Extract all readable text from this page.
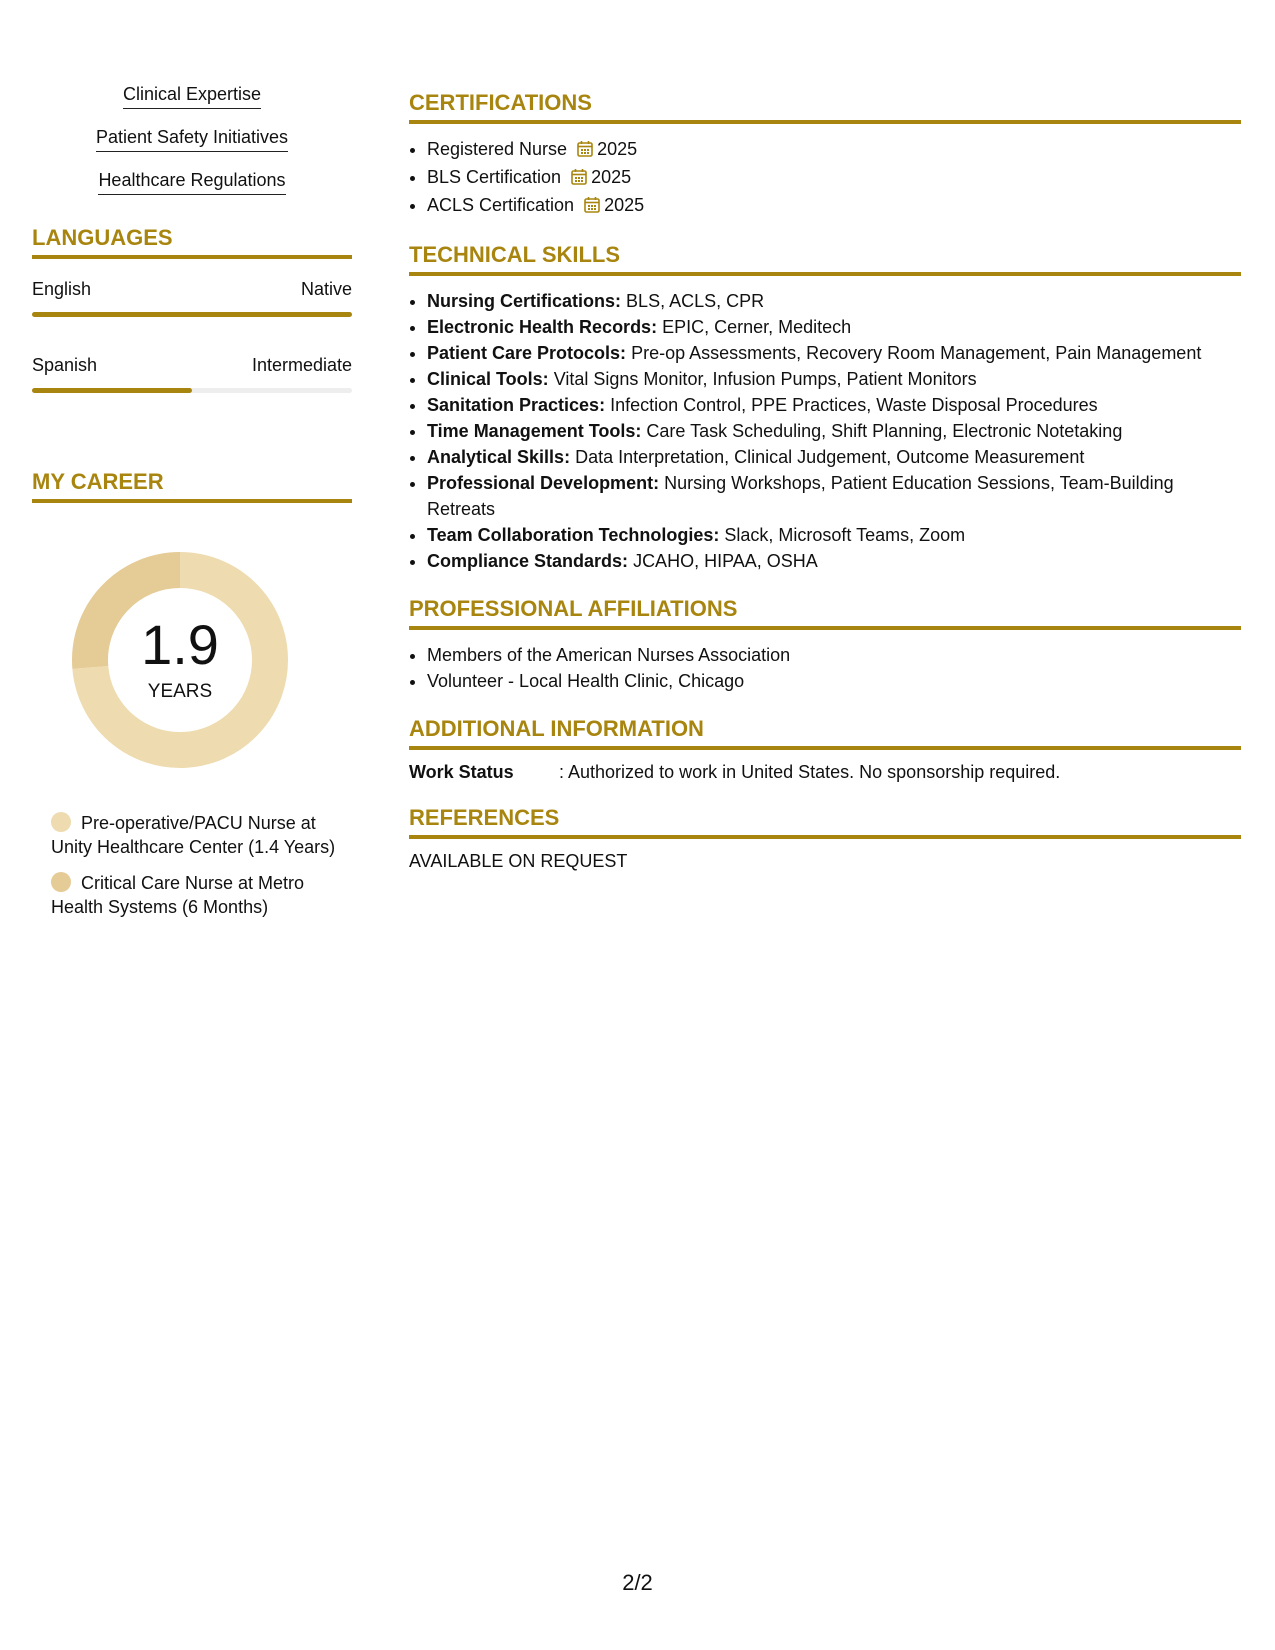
Clinical Expertise
Patient Safety Initiatives
Healthcare Regulations
LANGUAGES
English	Native
Spanish	Intermediate
MY CAREER
1.9
YEARS
Pre-operative/PACU Nurse at Unity Healthcare Center (1.4 Years)
Critical Care Nurse at Metro Health Systems (6 Months)
CERTIFICATIONS
• Registered Nurse 2025
• BLS Certification 2025
• ACLS Certification 2025
TECHNICAL SKILLS
• Nursing Certifications: BLS, ACLS, CPR
• Electronic Health Records: EPIC, Cerner, Meditech
• Patient Care Protocols: Pre-op Assessments, Recovery Room Management, Pain Management
• Clinical Tools: Vital Signs Monitor, Infusion Pumps, Patient Monitors
• Sanitation Practices: Infection Control, PPE Practices, Waste Disposal Procedures
• Time Management Tools: Care Task Scheduling, Shift Planning, Electronic Notetaking
• Analytical Skills: Data Interpretation, Clinical Judgement, Outcome Measurement
• Professional Development: Nursing Workshops, Patient Education Sessions, Team-Building Retreats
• Team Collaboration Technologies: Slack, Microsoft Teams, Zoom
• Compliance Standards: JCAHO, HIPAA, OSHA
PROFESSIONAL AFFILIATIONS
• Members of the American Nurses Association
• Volunteer - Local Health Clinic, Chicago
ADDITIONAL INFORMATION
Work Status	: Authorized to work in United States. No sponsorship required.
REFERENCES
AVAILABLE ON REQUEST
2/2
